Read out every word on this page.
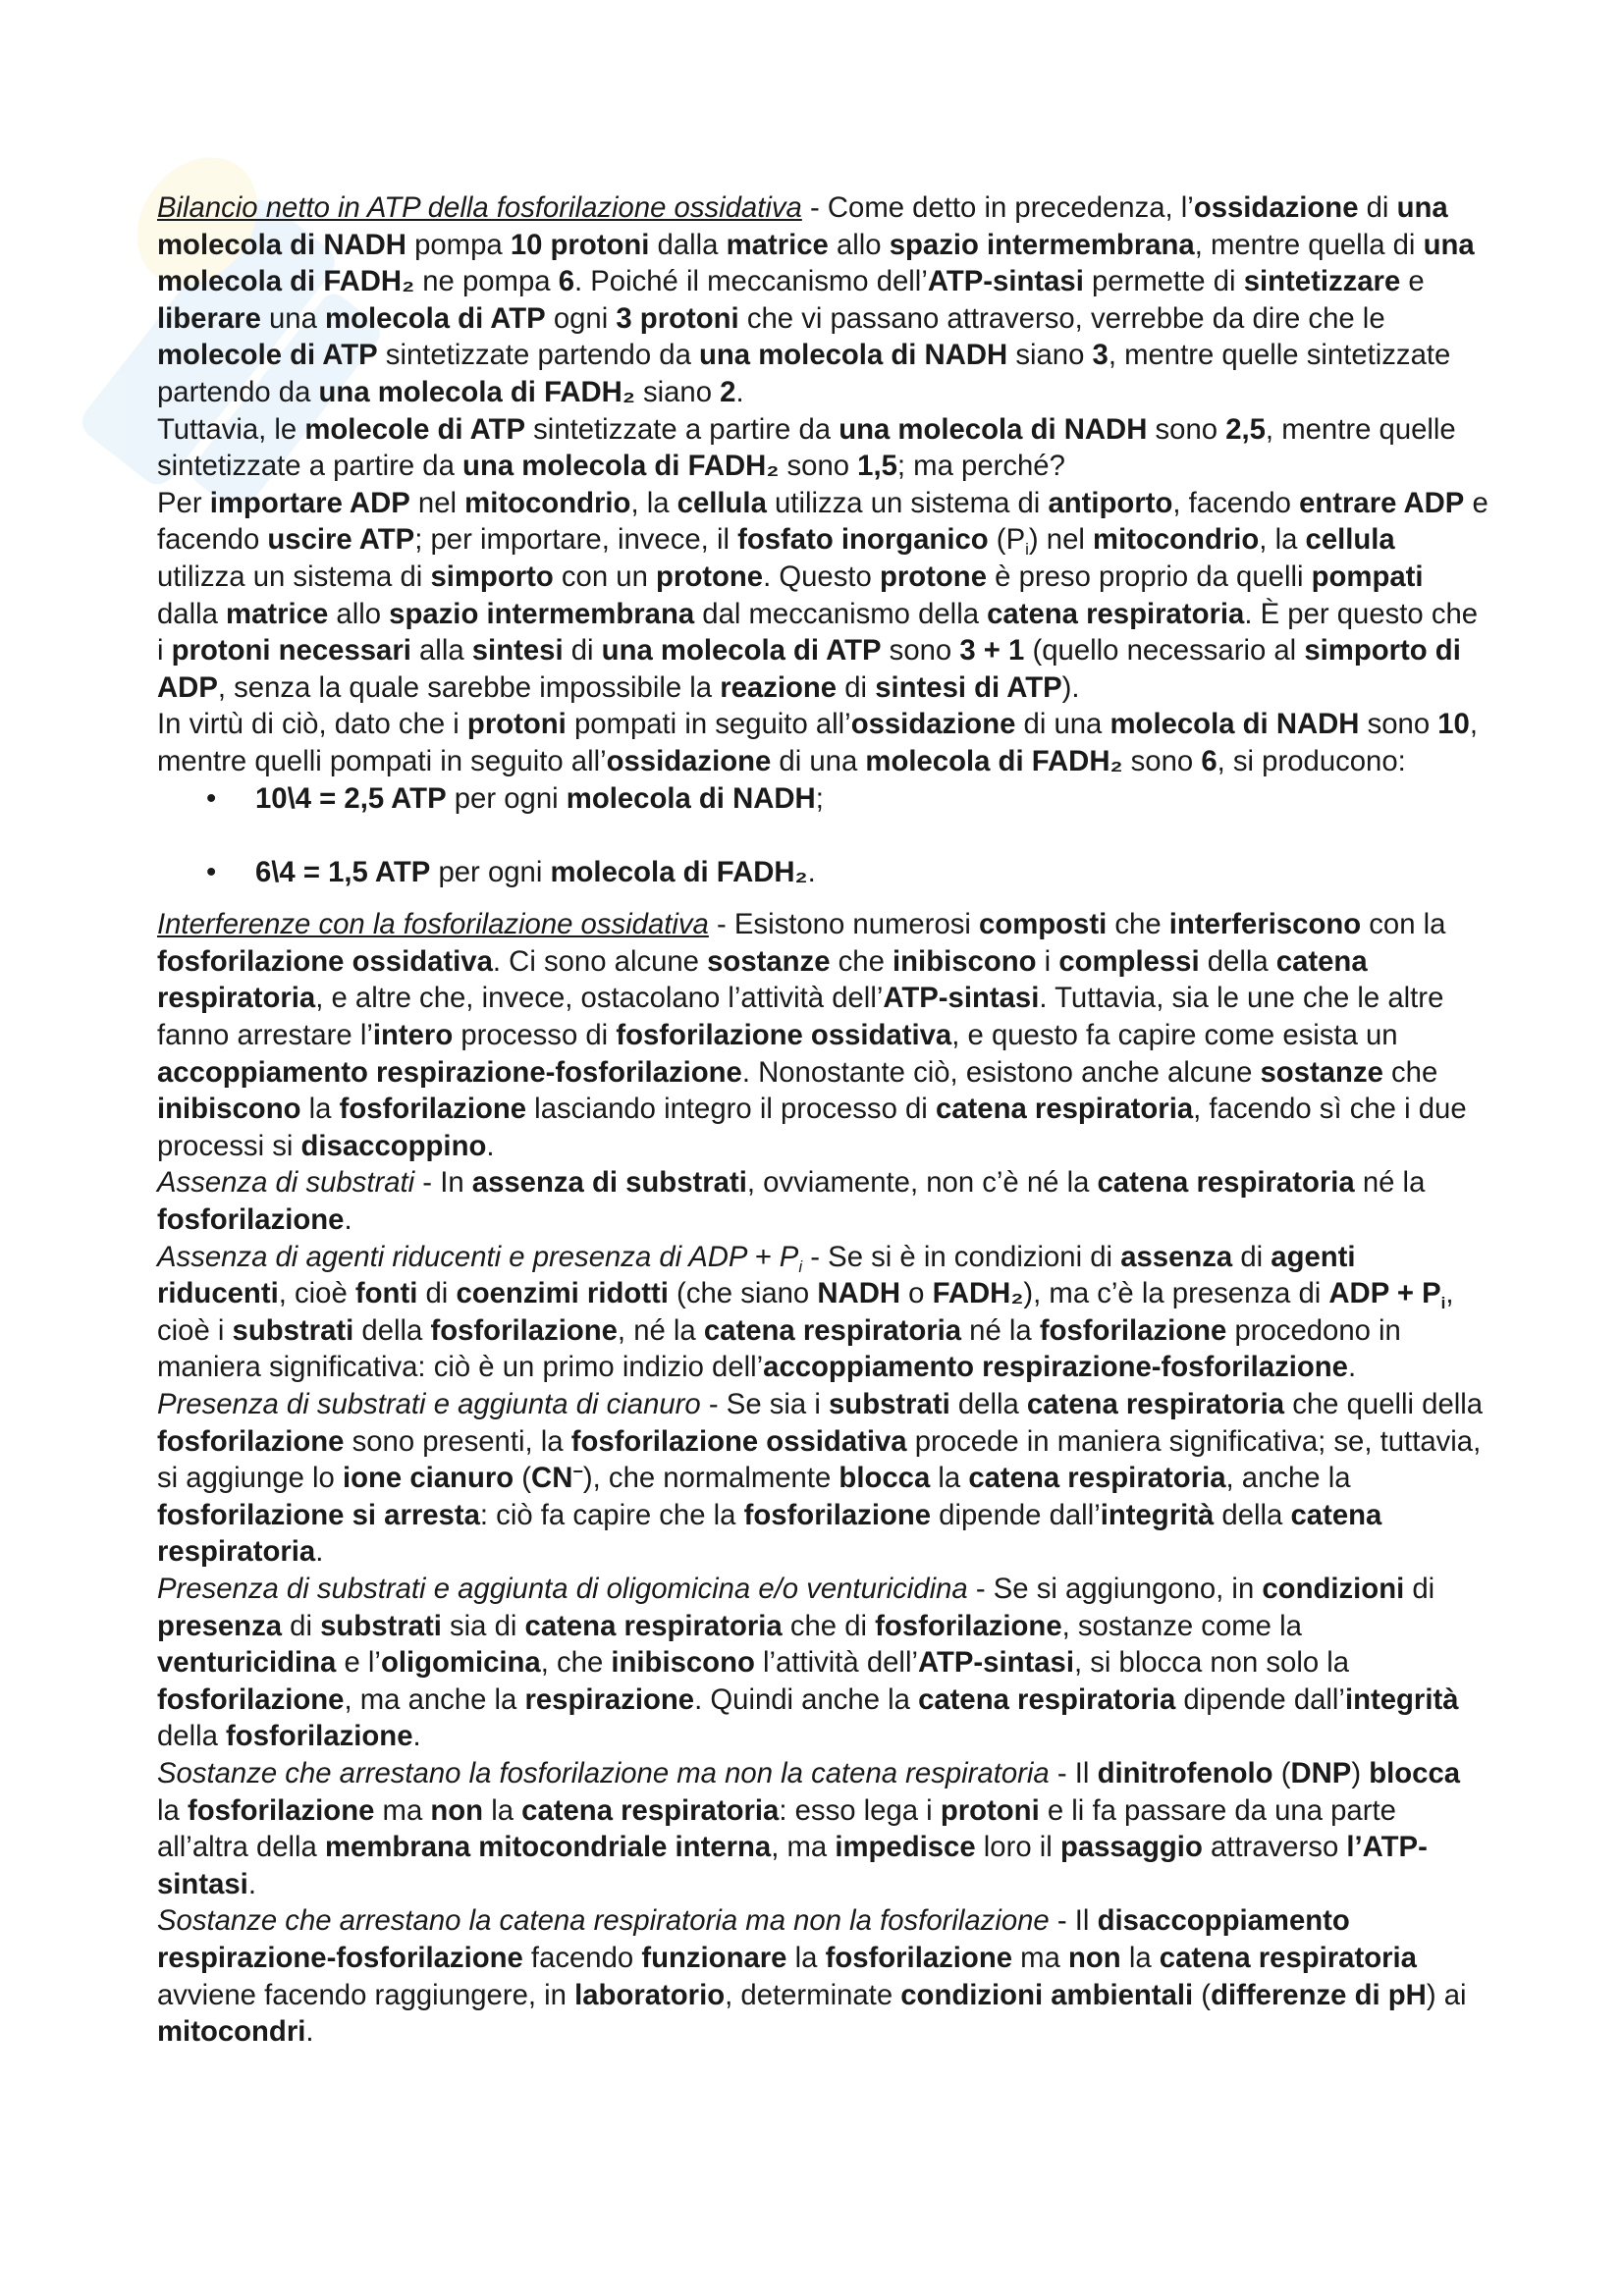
Bilancio netto in ATP della fosforilazione ossidativa - Come detto in precedenza, l’ossidazione di una molecola di NADH pompa 10 protoni dalla matrice allo spazio intermembrana, mentre quella di una molecola di FADH₂ ne pompa 6. Poiché il meccanismo dell’ATP-sintasi permette di sintetizzare e liberare una molecola di ATP ogni 3 protoni che vi passano attraverso, verrebbe da dire che le molecole di ATP sintetizzate partendo da una molecola di NADH siano 3, mentre quelle sintetizzate partendo da una molecola di FADH₂ siano 2.

Tuttavia, le molecole di ATP sintetizzate a partire da una molecola di NADH sono 2,5, mentre quelle sintetizzate a partire da una molecola di FADH₂ sono 1,5; ma perché?

Per importare ADP nel mitocondrio, la cellula utilizza un sistema di antiporto, facendo entrare ADP e facendo uscire ATP; per importare, invece, il fosfato inorganico $(P_i)$ nel mitocondrio, la cellula utilizza un sistema di simporto con un protone. Questo protone è preso proprio da quelli pompati dalla matrice allo spazio intermembrana dal meccanismo della catena respiratoria. È per questo che i protoni necessari alla sintesi di una molecola di ATP sono 3 + 1 (quello necessario al simporto di ADP, senza la quale sarebbe impossibile la reazione di sintesi di ATP).

In virtù di ciò, dato che i protoni pompati in seguito all’ossidazione di una molecola di NADH sono 10, mentre quelli pompati in seguito all’ossidazione di una molecola di FADH₂ sono 6, si producono:

• 10\4 = 2,5 ATP per ogni molecola di NADH;
• 6\4 = 1,5 ATP per ogni molecola di FADH₂.

Interferenze con la fosforilazione ossidativa - Esistono numerosi composti che interferiscono con la fosforilazione ossidativa. Ci sono alcune sostanze che inibiscono i complessi della catena respiratoria, e altre che, invece, ostacolano l’attività dell’ATP-sintasi. Tuttavia, sia le une che le altre fanno arrestare l’intero processo di fosforilazione ossidativa, e questo fa capire come esista un accoppiamento respirazione-fosforilazione. Nonostante ciò, esistono anche alcune sostanze che inibiscono la fosforilazione lasciando integro il processo di catena respiratoria, facendo sì che i due processi si disaccoppino.

Assenza di substrati - In assenza di substrati, ovviamente, non c’è né la catena respiratoria né la fosforilazione.

Assenza di agenti riducenti e presenza di ADP + $P_i$ - Se si è in condizioni di assenza di agenti riducenti, cioè fonti di coenzimi ridotti (che siano NADH o FADH₂), ma c’è la presenza di ADP + $P_i$, cioè i substrati della fosforilazione, né la catena respiratoria né la fosforilazione procedono in maniera significativa: ciò è un primo indizio dell’accoppiamento respirazione-fosforilazione.

Presenza di substrati e aggiunta di cianuro - Se sia i substrati della catena respiratoria che quelli della fosforilazione sono presenti, la fosforilazione ossidativa procede in maniera significativa; se, tuttavia, si aggiunge lo ione cianuro (CN−), che normalmente blocca la catena respiratoria, anche la fosforilazione si arresta: ciò fa capire che la fosforilazione dipende dall’integrità della catena respiratoria.

Presenza di substrati e aggiunta di oligomicina e/o venturicidina - Se si aggiungono, in condizioni di presenza di substrati sia di catena respiratoria che di fosforilazione, sostanze come la venturicidina e l’oligomicina, che inibiscono l’attività dell’ATP-sintasi, si blocca non solo la fosforilazione, ma anche la respirazione. Quindi anche la catena respiratoria dipende dall’integrità della fosforilazione.

Sostanze che arrestano la fosforilazione ma non la catena respiratoria - Il dinitrofenolo (DNP) blocca la fosforilazione ma non la catena respiratoria: esso lega i protoni e li fa passare da una parte all’altra della membrana mitocondriale interna, ma impedisce loro il passaggio attraverso l’ATP-sintasi.

Sostanze che arrestano la catena respiratoria ma non la fosforilazione - Il disaccoppiamento respirazione-fosforilazione facendo funzionare la fosforilazione ma non la catena respiratoria avviene facendo raggiungere, in laboratorio, determinate condizioni ambientali (differenze di pH) ai mitocondri.
